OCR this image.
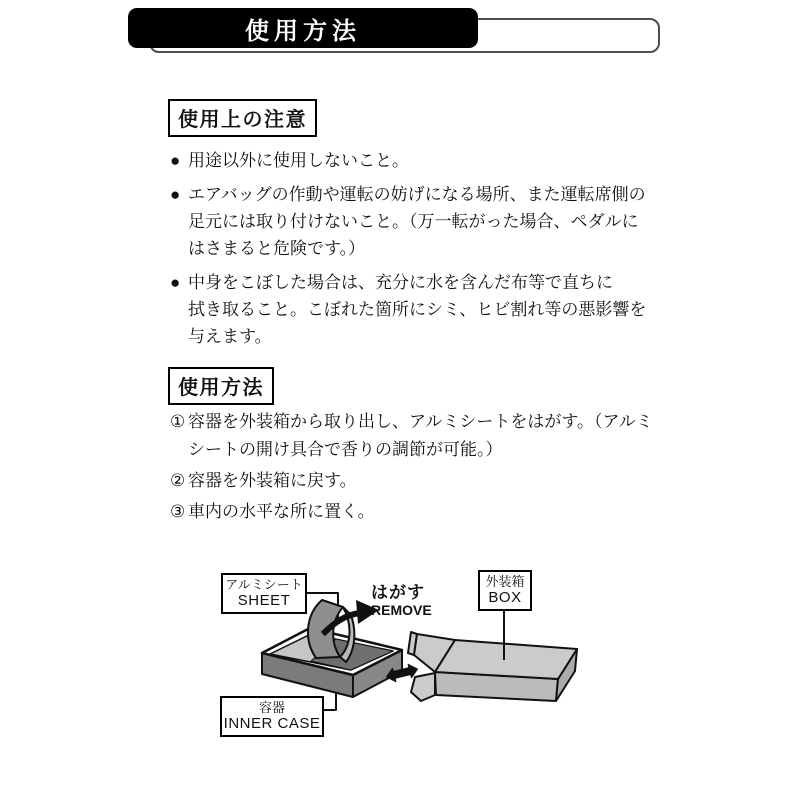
使用方法
使用上の注意
● 用途以外に使用しないこと。
● エアバッグの作動や運転の妨げになる場所、また運転席側の
足元には取り付けないこと。（万一転がった場合、ペダルに
はさまると危険です。）
● 中身をこぼした場合は、充分に水を含んだ布等で直ちに
拭き取ること。こぼれた箇所にシミ、ヒビ割れ等の悪影響を
与えます。
使用方法
① 容器を外装箱から取り出し、アルミシートをはがす。（アルミ
シートの開け具合で香りの調節が可能。）
② 容器を外装箱に戻す。
③ 車内の水平な所に置く。
アルミシート
SHEET	はがす
REMOVE
外装箱
BOX
容器
INNER CASE
